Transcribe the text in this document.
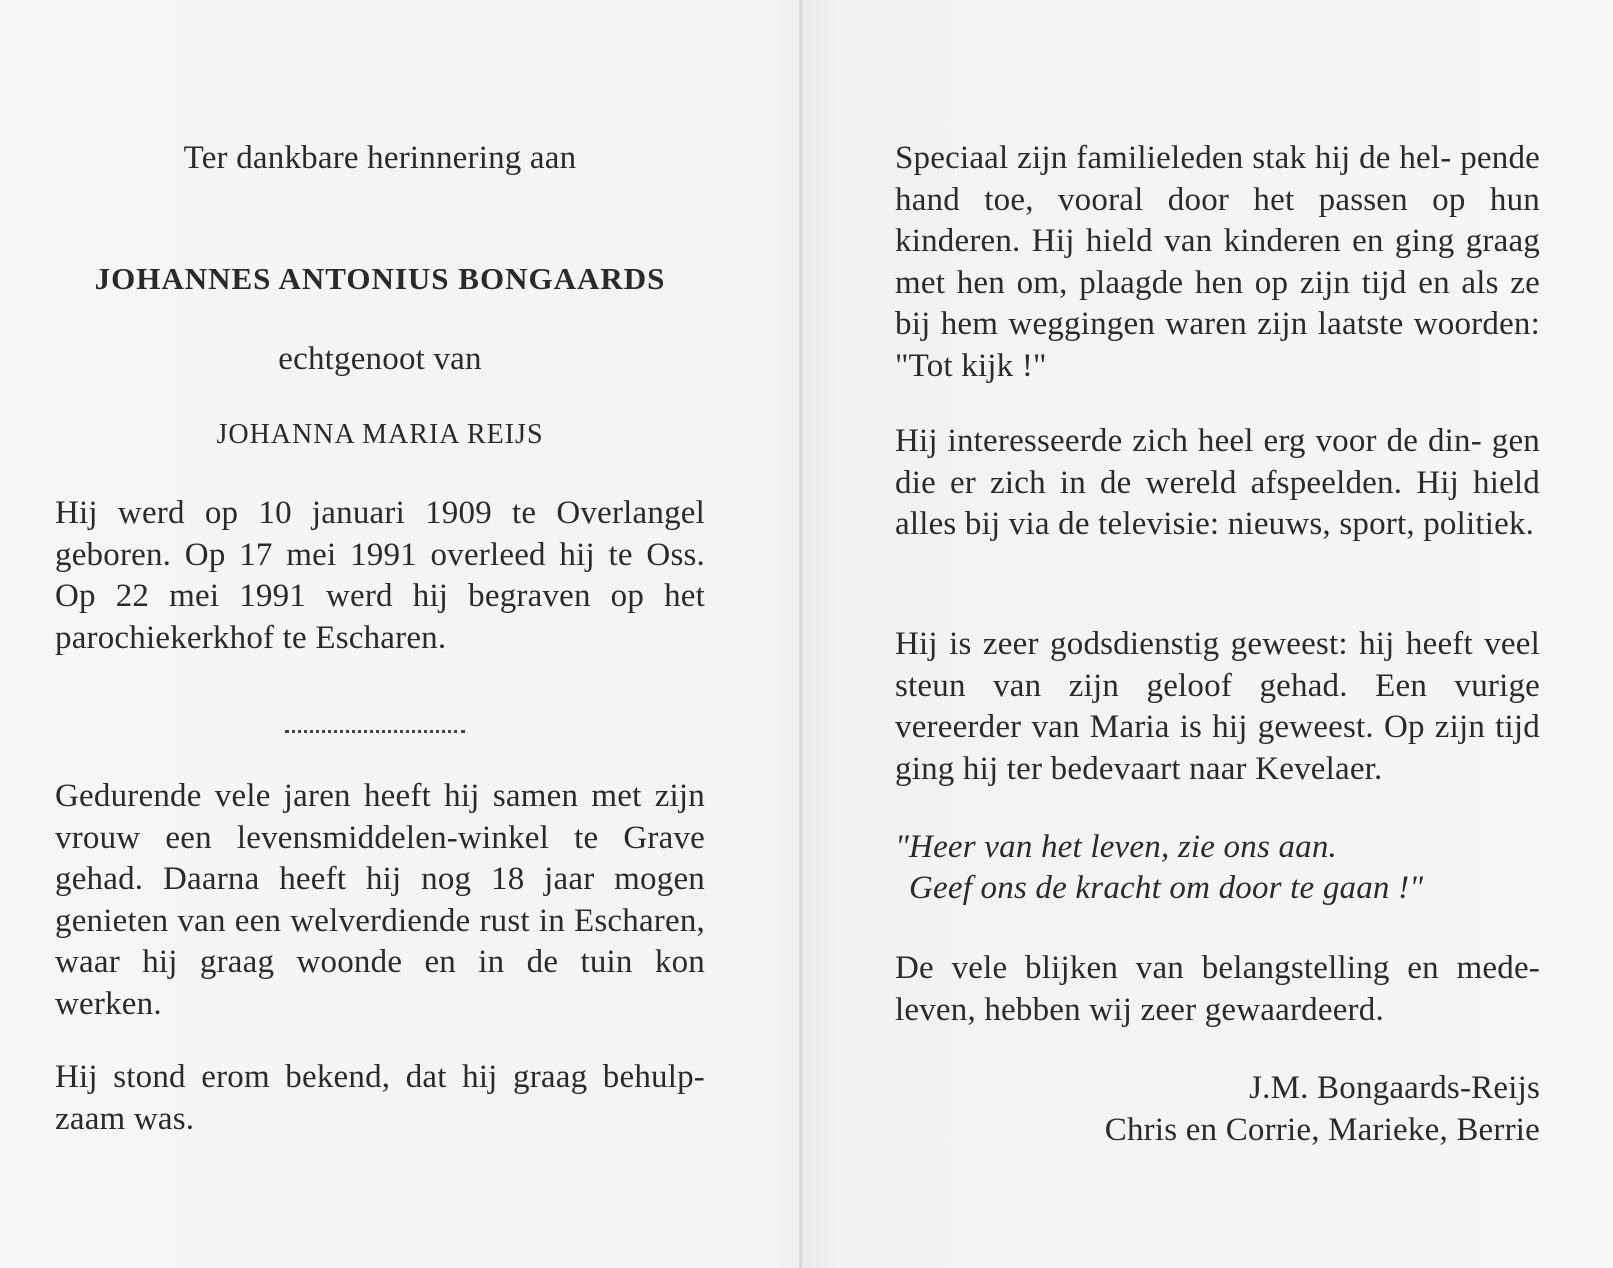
Ter dankbare herinnering aan
JOHANNES ANTONIUS BONGAARDS
echtgenoot van
JOHANNA MARIA REIJS
Hij werd op 10 januari 1909 te Overlangel geboren. Op 17 mei 1991 overleed hij te Oss. Op 22 mei 1991 werd hij begraven op het parochiekerkhof te Escharen.
Gedurende vele jaren heeft hij samen met zijn vrouw een levensmiddelen-winkel te Grave gehad. Daarna heeft hij nog 18 jaar mogen genieten van een welverdiende rust in Escharen, waar hij graag woonde en in de tuin kon werken.
Hij stond erom bekend, dat hij graag behulp- zaam was.
Speciaal zijn familieleden stak hij de hel- pende hand toe, vooral door het passen op hun kinderen. Hij hield van kinderen en ging graag met hen om, plaagde hen op zijn tijd en als ze bij hem weggingen waren zijn laatste woorden: "Tot kijk !"
Hij interesseerde zich heel erg voor de din- gen die er zich in de wereld afspeelden. Hij hield alles bij via de televisie: nieuws, sport, politiek.
Hij is zeer godsdienstig geweest: hij heeft veel steun van zijn geloof gehad. Een vurige vereerder van Maria is hij geweest. Op zijn tijd ging hij ter bedevaart naar Kevelaer.
"Heer van het leven, zie ons aan.
Geef ons de kracht om door te gaan !"
De vele blijken van belangstelling en mede- leven, hebben wij zeer gewaardeerd.
J.M. Bongaards-Reijs
Chris en Corrie, Marieke, Berrie
